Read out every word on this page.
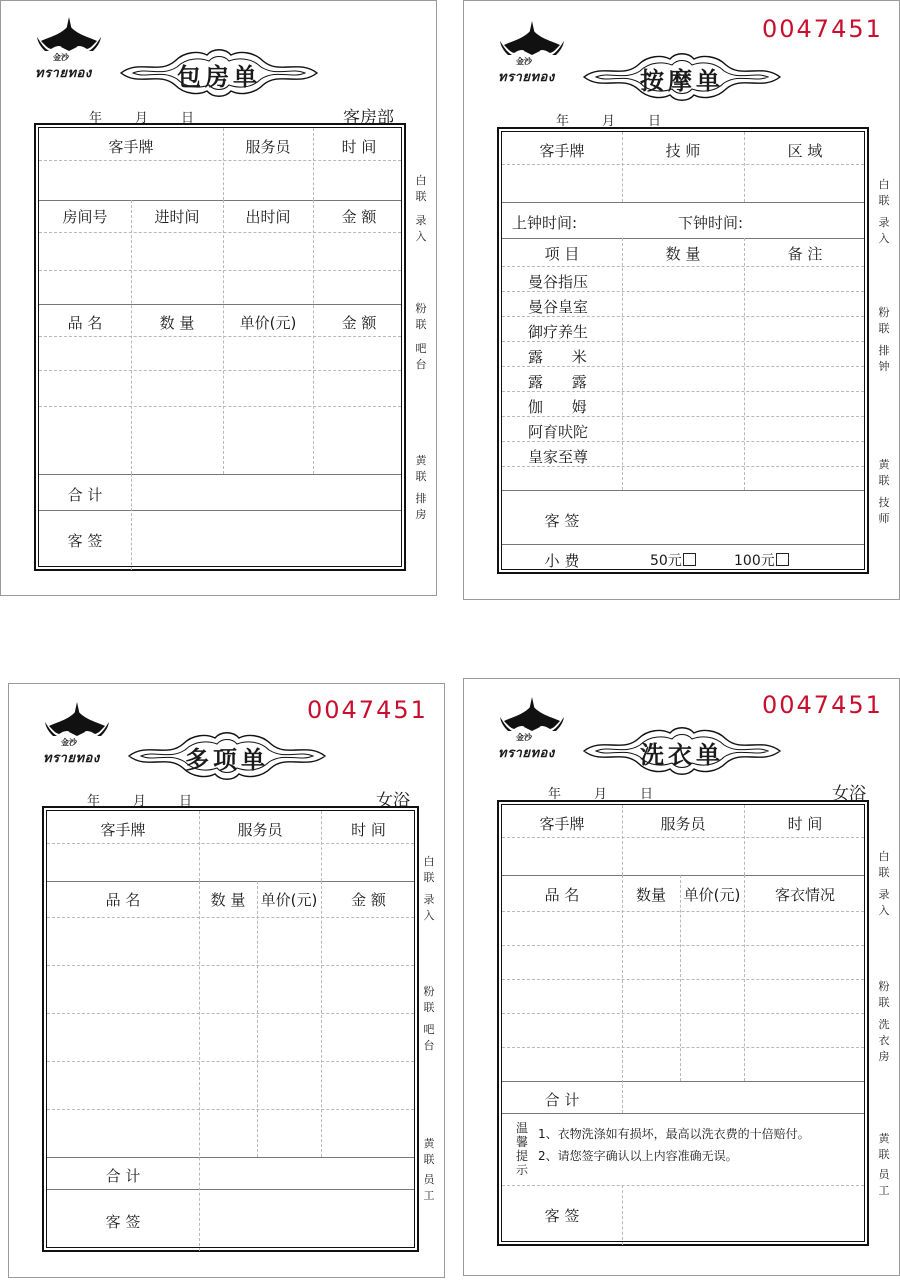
金沙
ทรายทอง	包房单
年	月	日	客房部
客手牌	服务员	时 间
房间号	进时间	出时间	金 额
品 名	数 量	单价(元)	金 额
合 计
客 签
白联
录入
粉联
吧台
黄联
排房
0047451
金沙
ทรายทอง	按摩单
年	月	日
客手牌	技 师	区 域
上钟时间:	下钟时间:
项 目	数 量	备 注
曼谷指压
曼谷皇室
御疗养生
露 米
露 露
伽 姆
阿育吠陀
皇家至尊
客 签
小 费	50元	100元
白联
录入
粉联
排钟
黄联
技师
0047451
金沙
ทรายทอง	多项单
年	月	日	女浴
客手牌	服务员	时 间
品 名	数 量	单价(元)	金 额
合 计
客 签
白联
录入
粉联
吧台
黄联
员工
0047451
金沙
ทรายทอง	洗衣单
年	月	日	女浴
客手牌	服务员	时 间
品 名	数量	单价(元)	客衣情况
合 计
温馨提示
1、衣物洗涤如有损坏，最高以洗衣费的十倍赔付。
2、请您签字确认以上内容准确无误。
客 签
白联
录入
粉联
洗衣房
黄联
员工
